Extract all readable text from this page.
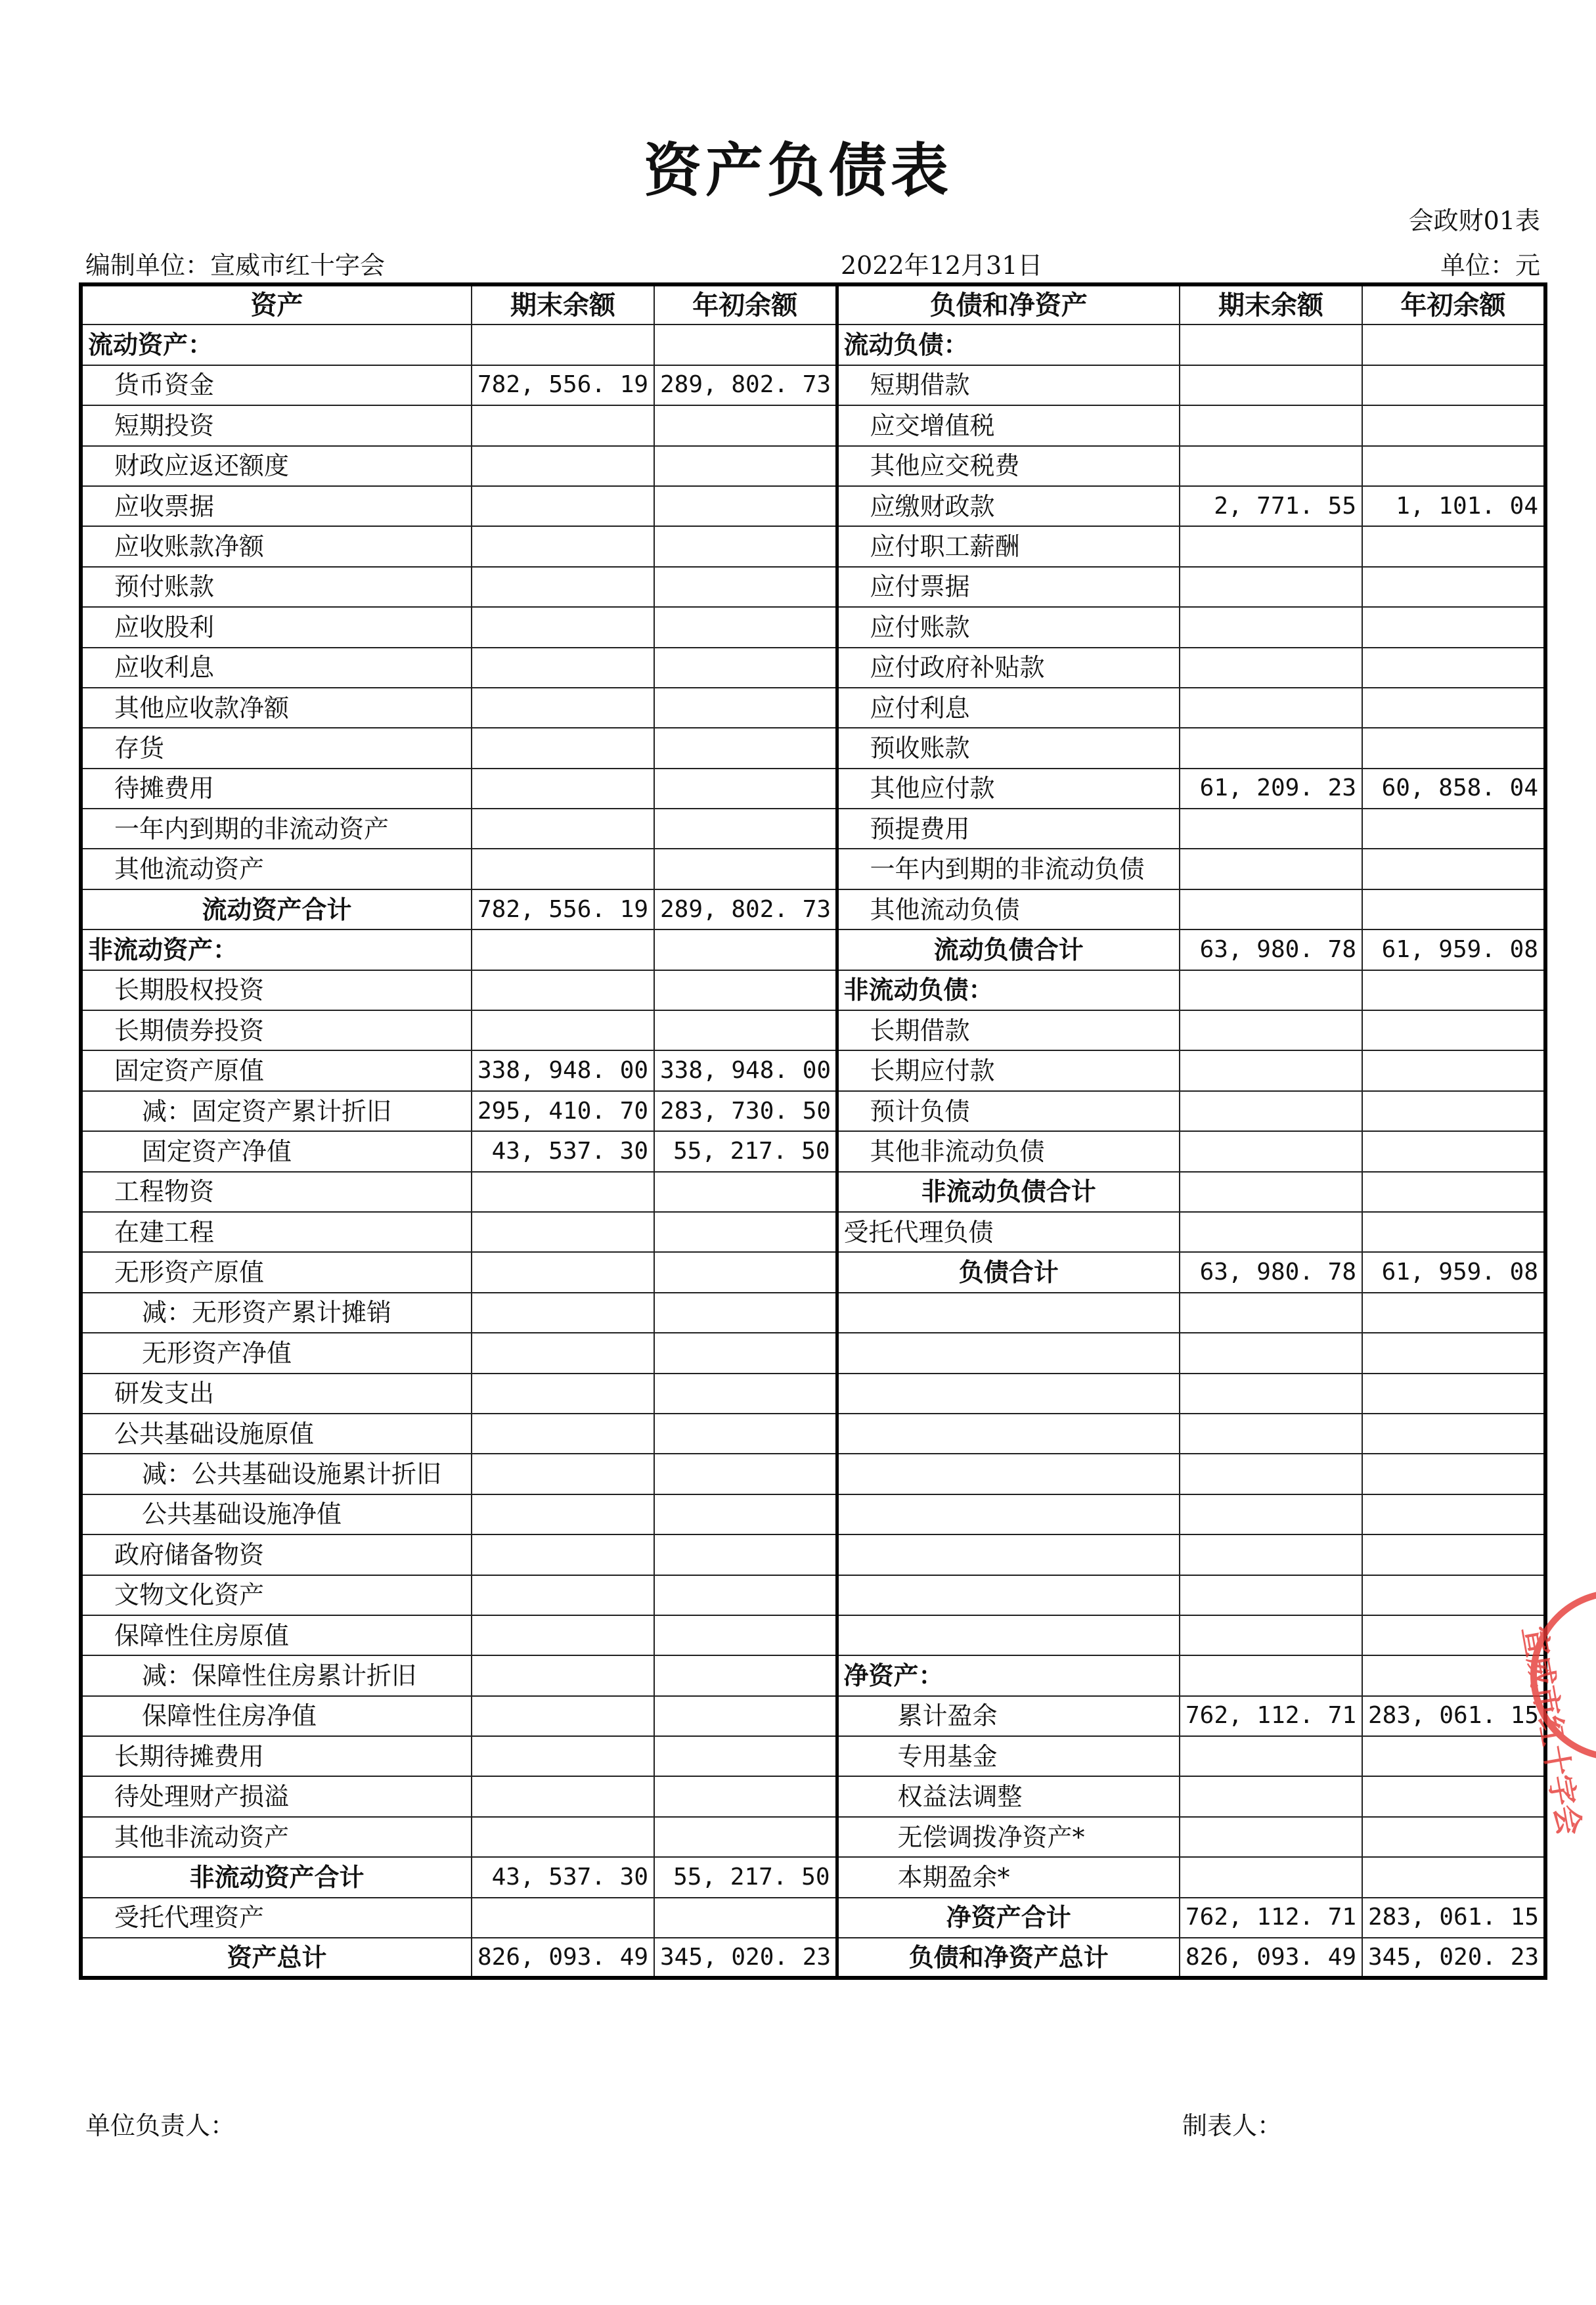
资产负债表
会政财01表
编制单位：宣威市红十字会	2022年12月31日	单位：元
资产	期末余额	年初余额	负债和净资产	期末余额	年初余额
流动资产：			流动负债：		
货币资金	782, 556. 19	289, 802. 73	短期借款		
短期投资			应交增值税		
财政应返还额度			其他应交税费		
应收票据			应缴财政款	2, 771. 55	1, 101. 04
应收账款净额			应付职工薪酬		
预付账款			应付票据		
应收股利			应付账款		
应收利息			应付政府补贴款		
其他应收款净额			应付利息		
存货			预收账款		
待摊费用			其他应付款	61, 209. 23	60, 858. 04
一年内到期的非流动资产			预提费用		
其他流动资产			一年内到期的非流动负债		
流动资产合计	782, 556. 19	289, 802. 73	其他流动负债		
非流动资产：			流动负债合计	63, 980. 78	61, 959. 08
长期股权投资			非流动负债：		
长期债券投资			长期借款		
固定资产原值	338, 948. 00	338, 948. 00	长期应付款		
减：固定资产累计折旧	295, 410. 70	283, 730. 50	预计负债		
固定资产净值	43, 537. 30	55, 217. 50	其他非流动负债		
工程物资			非流动负债合计		
在建工程			受托代理负债		
无形资产原值			负债合计	63, 980. 78	61, 959. 08
减：无形资产累计摊销					
无形资产净值					
研发支出					
公共基础设施原值					
减：公共基础设施累计折旧					
公共基础设施净值					
政府储备物资					
文物文化资产					
保障性住房原值					
减：保障性住房累计折旧			净资产：		
保障性住房净值			累计盈余	762, 112. 71	283, 061. 15
长期待摊费用			专用基金		
待处理财产损溢			权益法调整		
其他非流动资产			无偿调拨净资产*		
非流动资产合计	43, 537. 30	55, 217. 50	本期盈余*		
受托代理资产			净资产合计	762, 112. 71	283, 061. 15
资产总计	826, 093. 49	345, 020. 23	负债和净资产总计	826, 093. 49	345, 020. 23
单位负责人：	制表人：
宣威市红十字会
